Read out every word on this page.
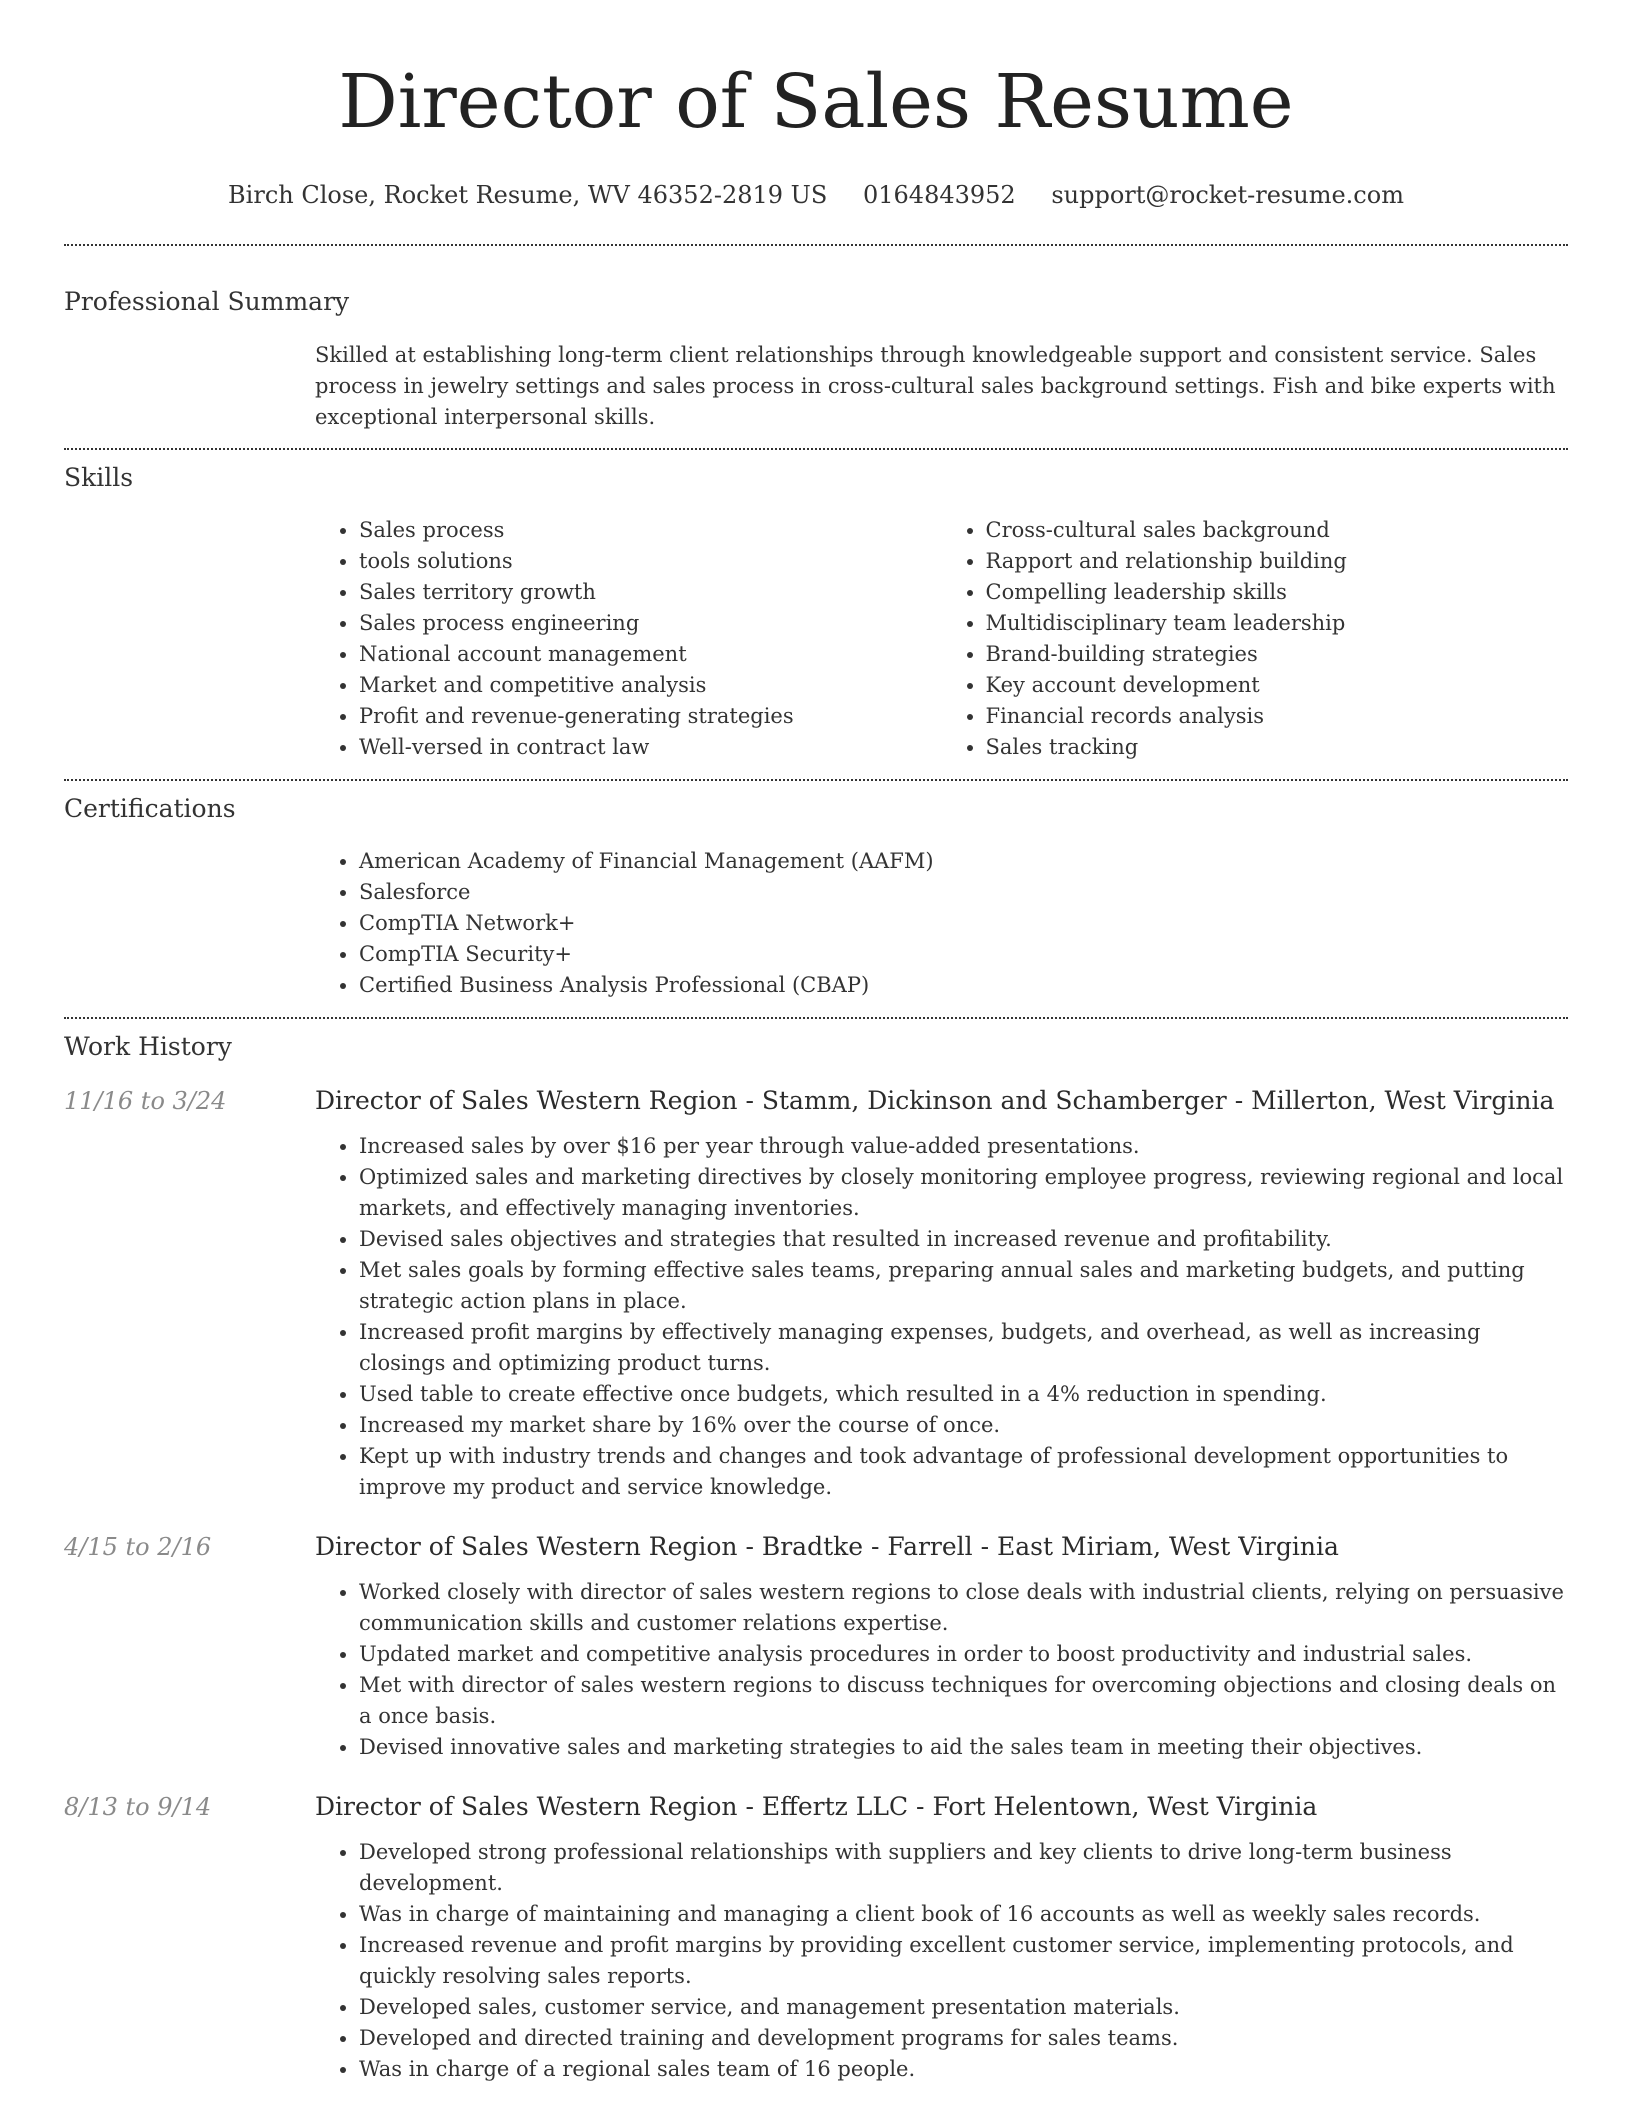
Director of Sales Resume
Birch Close, Rocket Resume, WV 46352-2819 US 0164843952 support@rocket-resume.com
Professional Summary

Skilled at establishing long-term client relationships through knowledgeable support and consistent service. Sales process in jewelry settings and sales process in cross-cultural sales background settings. Fish and bike experts with exceptional interpersonal skills.

Skills
• Sales process
• tools solutions
• Sales territory growth
• Sales process engineering
• National account management
• Market and competitive analysis
• Profit and revenue-generating strategies
• Well-versed in contract law
• Cross-cultural sales background
• Rapport and relationship building
• Compelling leadership skills
• Multidisciplinary team leadership
• Brand-building strategies
• Key account development
• Financial records analysis
• Sales tracking
Certifications
• American Academy of Financial Management (AAFM)
• Salesforce
• CompTIA Network+
• CompTIA Security+
• Certified Business Analysis Professional (CBAP)
Work History
11/16 to 3/24	Director of Sales Western Region - Stamm, Dickinson and Schamberger - Millerton, West Virginia
• Increased sales by over $16 per year through value-added presentations.
• Optimized sales and marketing directives by closely monitoring employee progress, reviewing regional and local markets, and effectively managing inventories.
• Devised sales objectives and strategies that resulted in increased revenue and profitability.
• Met sales goals by forming effective sales teams, preparing annual sales and marketing budgets, and putting strategic action plans in place.
• Increased profit margins by effectively managing expenses, budgets, and overhead, as well as increasing closings and optimizing product turns.
• Used table to create effective once budgets, which resulted in a 4% reduction in spending.
• Increased my market share by 16% over the course of once.
• Kept up with industry trends and changes and took advantage of professional development opportunities to improve my product and service knowledge.
4/15 to 2/16	Director of Sales Western Region - Bradtke - Farrell - East Miriam, West Virginia
• Worked closely with director of sales western regions to close deals with industrial clients, relying on persuasive communication skills and customer relations expertise.
• Updated market and competitive analysis procedures in order to boost productivity and industrial sales.
• Met with director of sales western regions to discuss techniques for overcoming objections and closing deals on a once basis.
• Devised innovative sales and marketing strategies to aid the sales team in meeting their objectives.
8/13 to 9/14	Director of Sales Western Region - Effertz LLC - Fort Helentown, West Virginia
• Developed strong professional relationships with suppliers and key clients to drive long-term business development.
• Was in charge of maintaining and managing a client book of 16 accounts as well as weekly sales records.
• Increased revenue and profit margins by providing excellent customer service, implementing protocols, and quickly resolving sales reports.
• Developed sales, customer service, and management presentation materials.
• Developed and directed training and development programs for sales teams.
• Was in charge of a regional sales team of 16 people.
